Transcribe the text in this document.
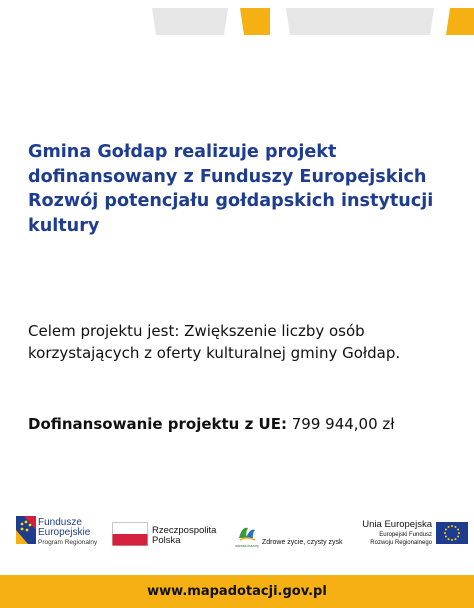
Gmina Gołdap realizuje projekt
dofinansowany z Funduszy Europejskich
Rozwój potencjału gołdapskich instytucji
kultury
Celem projektu jest: Zwiększenie liczby osób
korzystających z oferty kulturalnej gminy Gołdap.
Dofinansowanie projektu z UE: 799 944,00 zł
Fundusze
Europejskie
Program Regionalny
Rzeczpospolita
Polska	warmia mazury Zdrowe życie, czysty zysk
Unia Europejska
Europejski Fundusz
Rozwoju Regionalnego
www.mapadotacji.gov.pl
